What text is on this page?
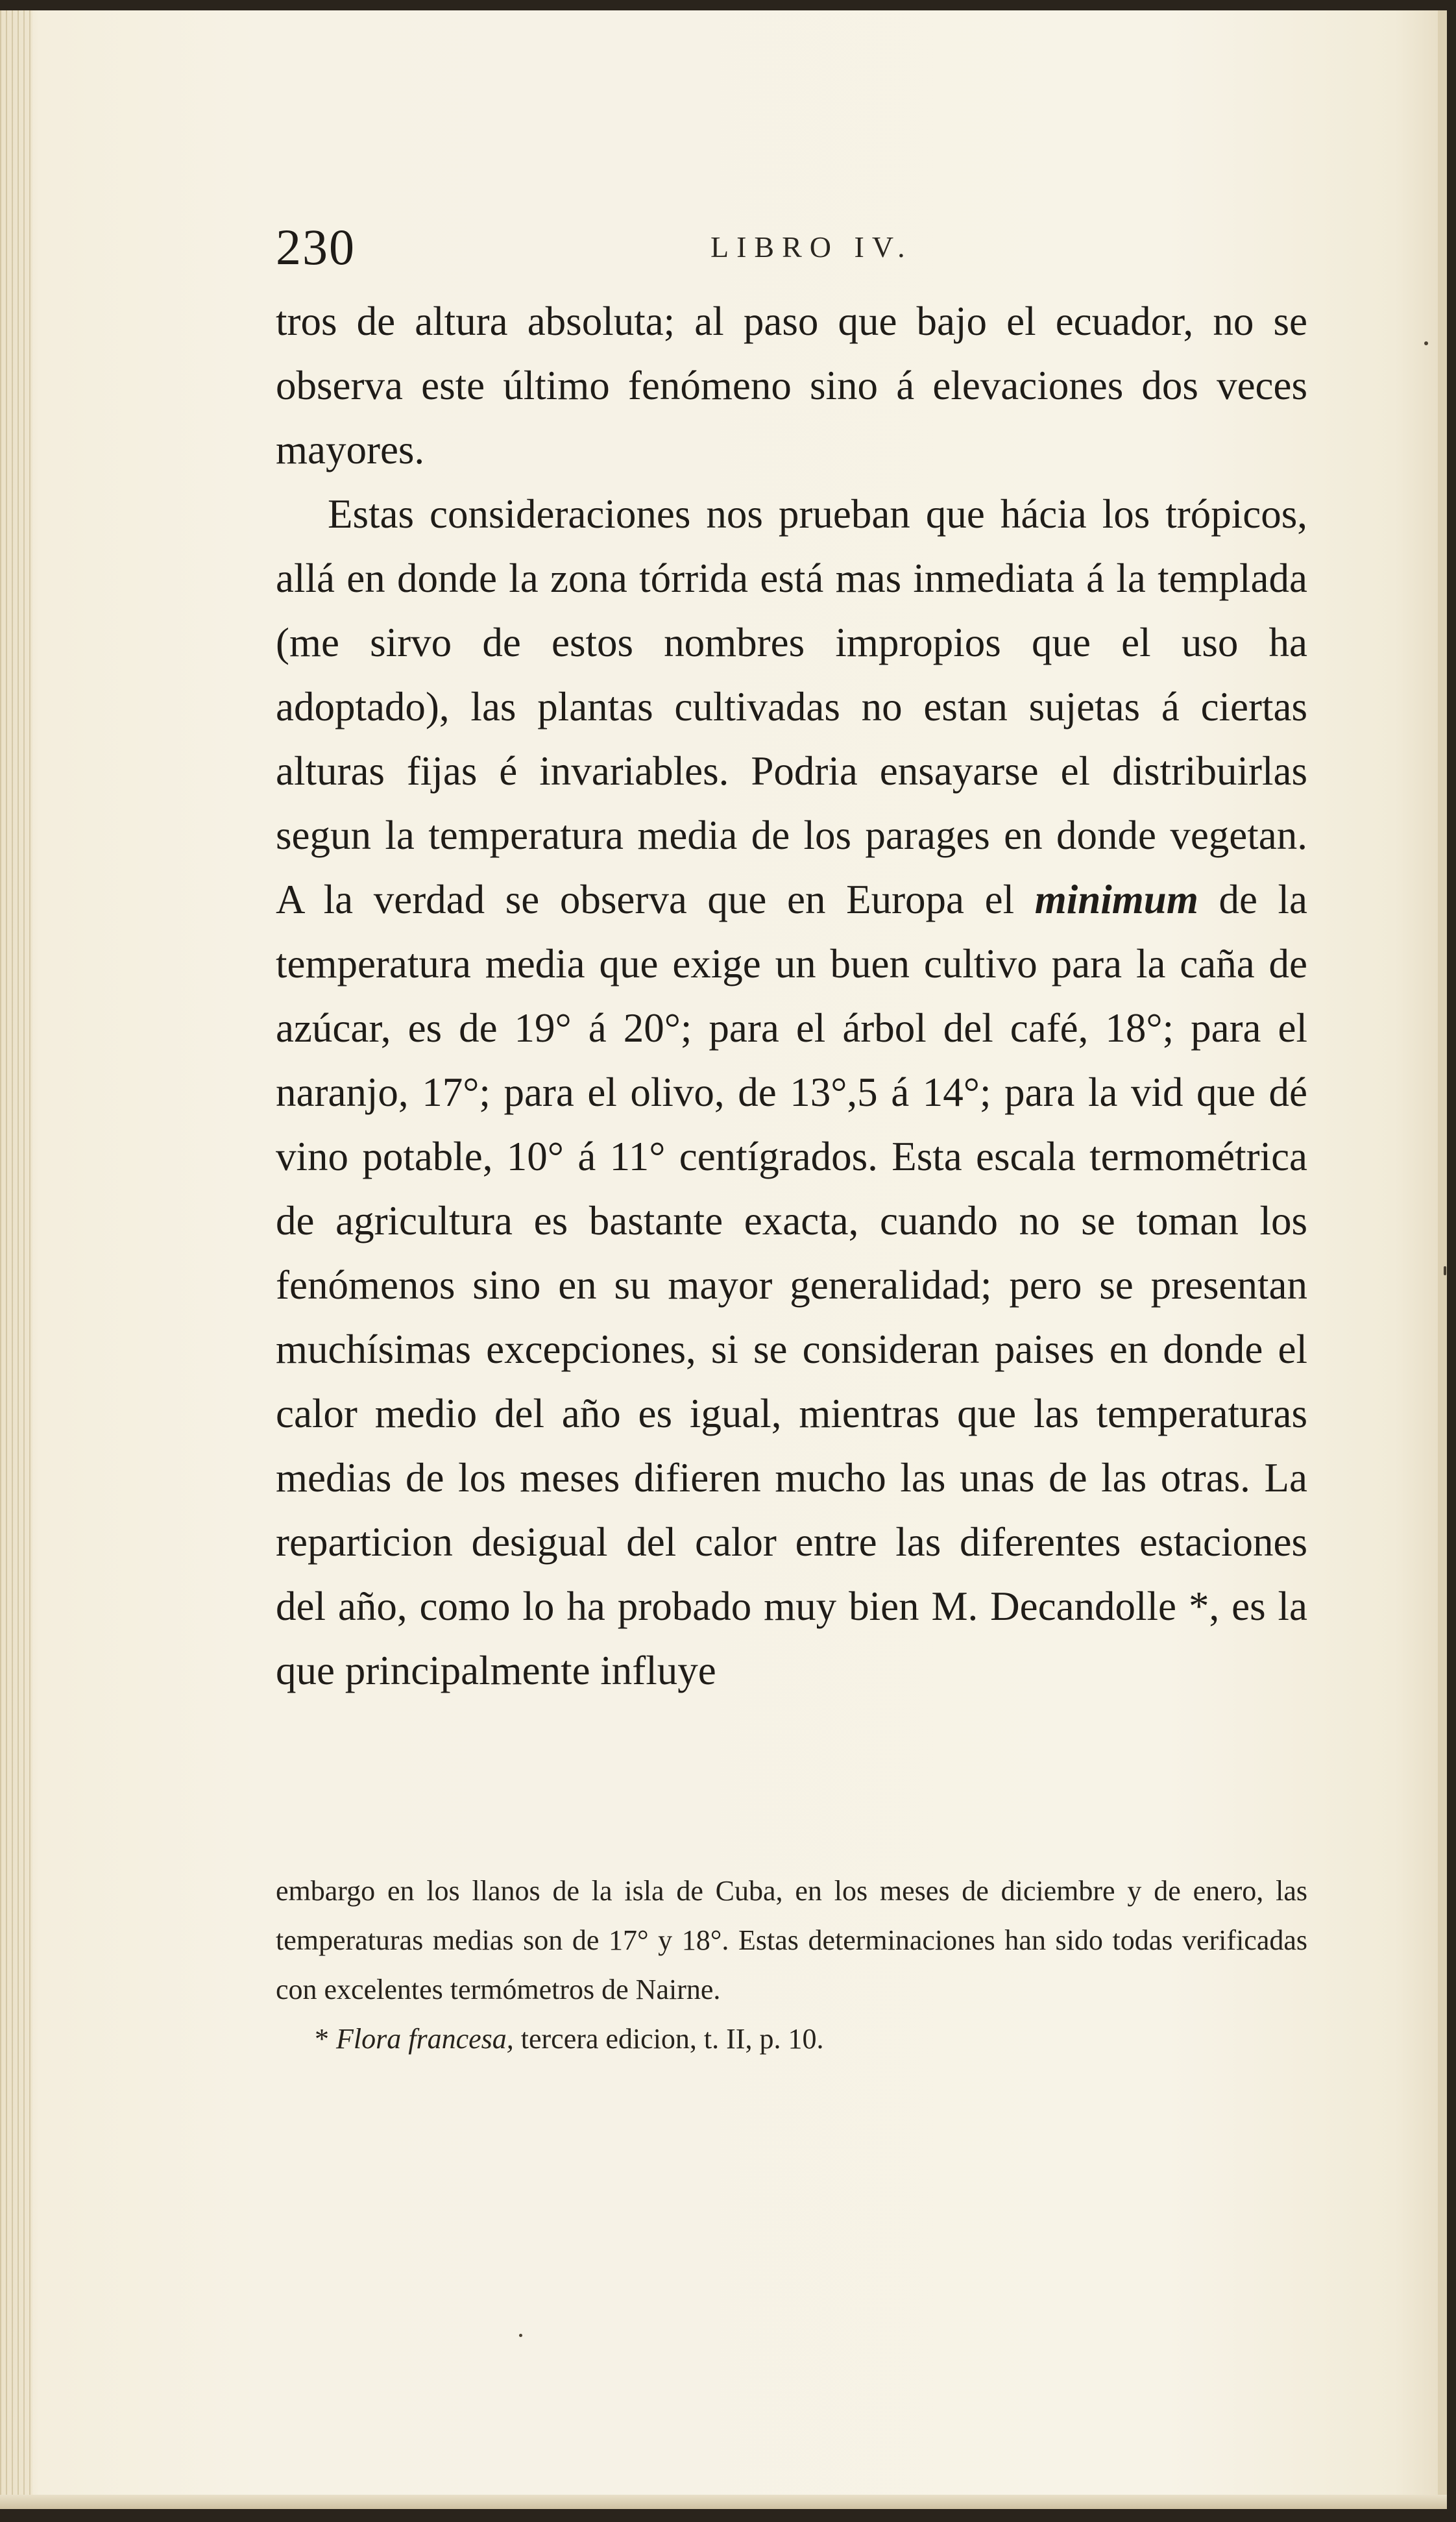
230	LIBRO IV.

tros de altura absoluta; al paso que bajo el ecuador, no se observa este último fenómeno sino á elevaciones dos veces mayores.

Estas consideraciones nos prueban que hácia los trópicos, allá en donde la zona tórrida está mas inmediata á la templada (me sirvo de estos nombres impropios que el uso ha adoptado), las plantas cultivadas no estan sujetas á ciertas alturas fijas é invariables. Podria ensayarse el distribuirlas segun la temperatura media de los parages en donde vegetan. A la verdad se observa que en Europa el minimum de la temperatura media que exige un buen cultivo para la caña de azúcar, es de 19° á 20°; para el árbol del café, 18°; para el naranjo, 17°; para el olivo, de 13°,5 á 14°; para la vid que dé vino potable, 10° á 11° centígrados. Esta escala termométrica de agricultura es bastante exacta, cuando no se toman los fenómenos sino en su mayor generalidad; pero se presentan muchísimas excepciones, si se consideran paises en donde el calor medio del año es igual, mientras que las temperaturas medias de los meses difieren mucho las unas de las otras. La reparticion desigual del calor entre las diferentes estaciones del año, como lo ha probado muy bien M. Decandolle *, es la que principalmente influye

embargo en los llanos de la isla de Cuba, en los meses de diciembre y de enero, las temperaturas medias son de 17° y 18°. Estas determinaciones han sido todas verificadas con excelentes termómetros de Nairne.

* Flora francesa, tercera edicion, t. II, p. 10.
